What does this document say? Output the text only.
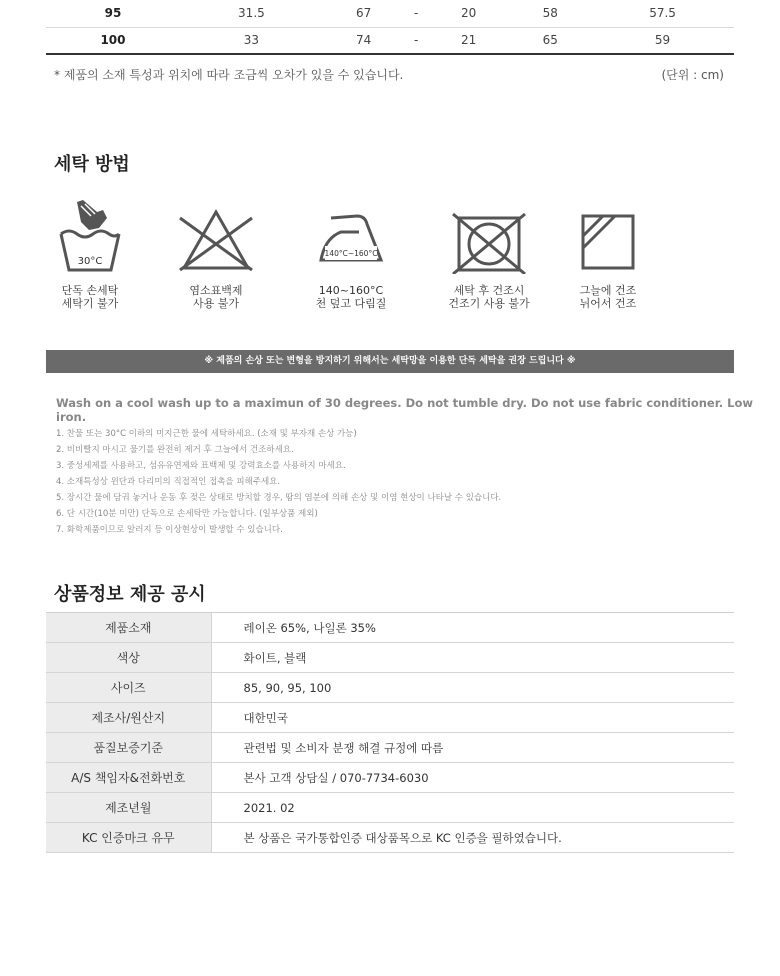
95	31.5	67	-	20	58	57.5
100	33	74	-	21	65	59
* 제품의 소재 특성과 위치에 따라 조금씩 오차가 있을 수 있습니다.	(단위 : cm)
세탁 방법
30°C
단독 손세탁
세탁기 불가
염소표백제
사용 불가
140°C~160°C
140~160°C
천 덮고 다림질
세탁 후 건조시
건조기 사용 불가
그늘에 건조
뉘어서 건조
※ 제품의 손상 또는 변형을 방지하기 위해서는 세탁망을 이용한 단독 세탁을 권장 드립니다 ※
Wash on a cool wash up to a maximun of 30 degrees. Do not tumble dry. Do not use fabric conditioner. Low iron.
1. 찬물 또는 30°C 이하의 미지근한 물에 세탁하세요. (소재 및 부자재 손상 가능)
2. 비비빨지 마시고 물기를 완전히 제거 후 그늘에서 건조하세요.
3. 중성세제를 사용하고, 섬유유연제와 표백제 및 강력효소를 사용하지 마세요.
4. 소재특성상 윈단과 다리미의 직접적인 접촉을 피해주세요.
5. 장시간 물에 담궈 놓거나 운동 후 젖은 상태로 방치할 경우, 땀의 염분에 의해 손상 및 이염 현상이 나타날 수 있습니다.
6. 단 시간(10분 미만) 단독으로 손세탁만 가능합니다. (일부상품 제외)
7. 화학제품이므로 알러지 등 이상현상이 발생할 수 있습니다.
상품정보 제공 공시
제품소재	레이온 65%, 나일론 35%
색상	화이트, 블랙
사이즈	85, 90, 95, 100
제조사/원산지	대한민국
품질보증기준	관련법 및 소비자 분쟁 해결 규정에 따름
A/S 책임자&전화번호	본사 고객 상담실 / 070-7734-6030
제조년월	2021. 02
KC 인증마크 유무	본 상품은 국가통합인증 대상품목으로 KC 인증을 필하였습니다.
